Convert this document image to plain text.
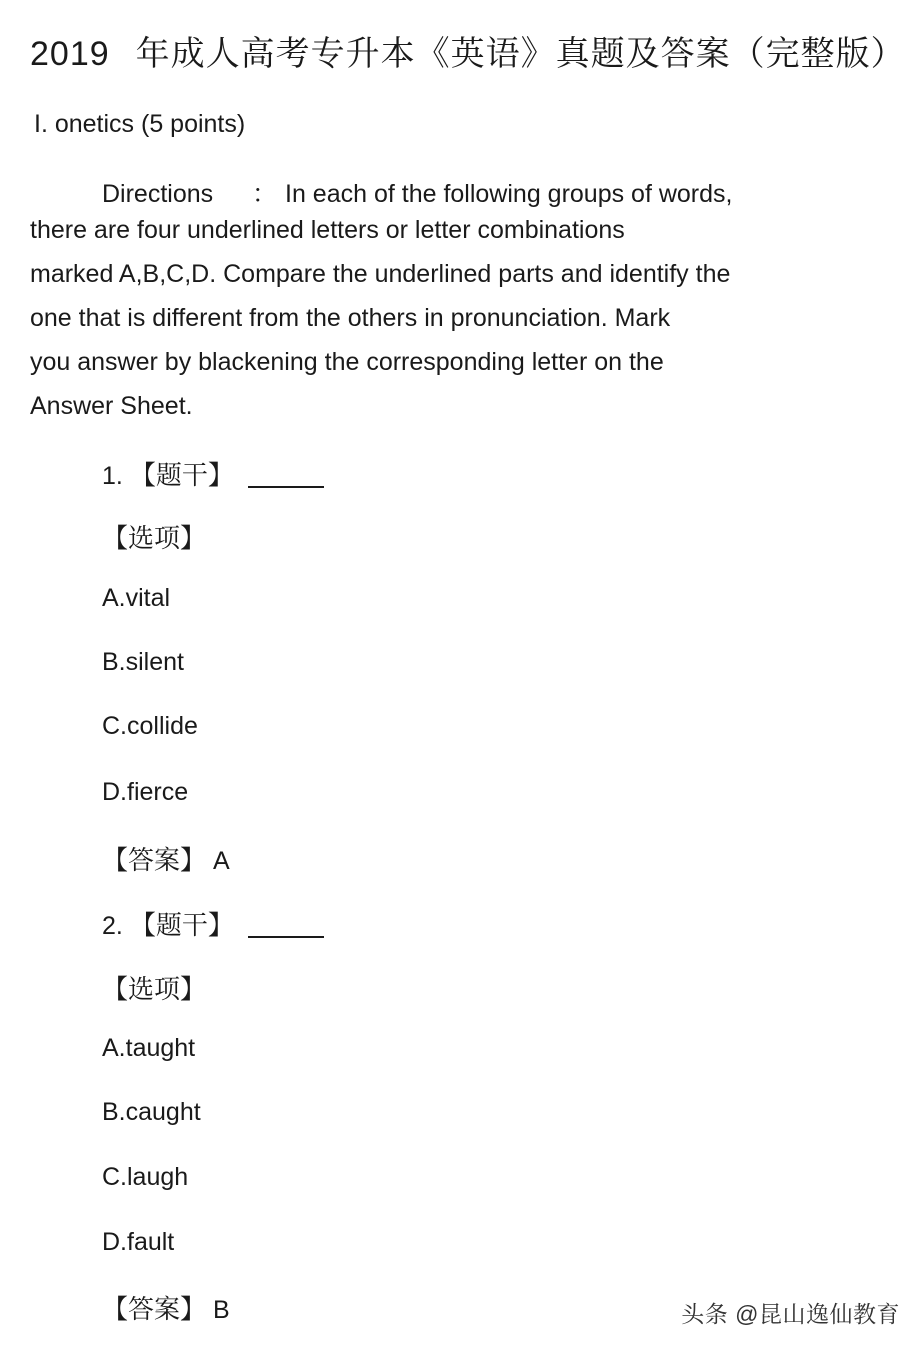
2019 年成人高考专升本《英语》真题及答案（完整版）
I. onetics (5 points)
Directions ： In each of the following groups of words,
there are four underlined letters or letter combinations
marked A,B,C,D. Compare the underlined parts and identify the
one that is different from the others in pronunciation. Mark
you answer by blackening the corresponding letter on the
Answer Sheet.
1. 【题干】
【选项】
A.vital
B.silent
C.collide
D.fierce
【答案】 A
2. 【题干】
【选项】
A.taught
B.caught
C.laugh
D.fault
【答案】 B	头条 @昆山逸仙教育
